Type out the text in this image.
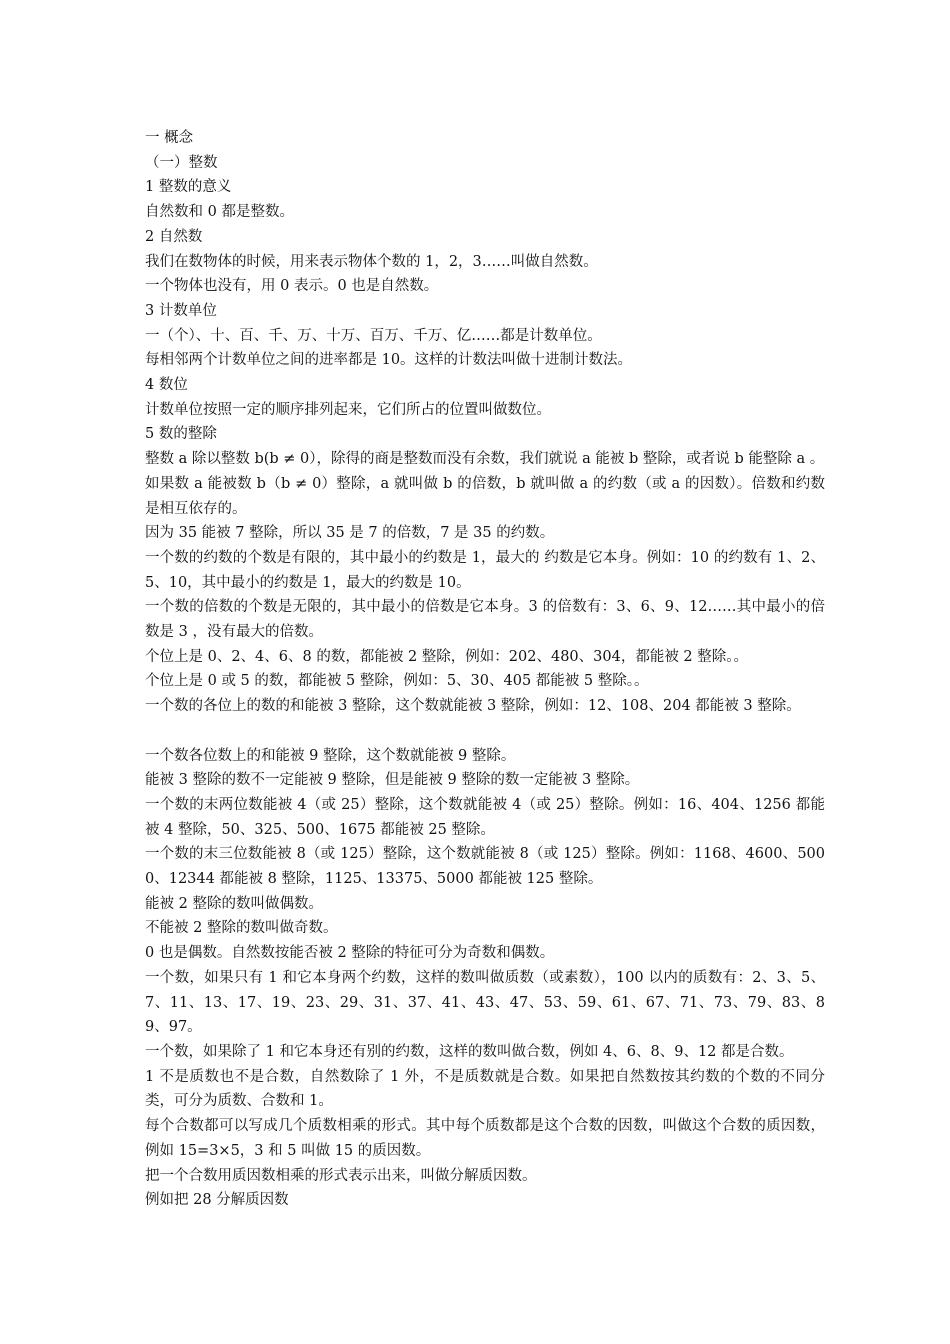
一 概念

（一）整数

1 整数的意义

自然数和 0 都是整数。

2 自然数

我们在数物体的时候，用来表示物体个数的 1，2，3……叫做自然数。

一个物体也没有，用 0 表示。0 也是自然数。

3 计数单位

一（个）、十、百、千、万、十万、百万、千万、亿……都是计数单位。

每相邻两个计数单位之间的进率都是 10。这样的计数法叫做十进制计数法。

4 数位

计数单位按照一定的顺序排列起来，它们所占的位置叫做数位。

5 数的整除

整数 a 除以整数 b(b ≠ 0），除得的商是整数而没有余数，我们就说 a 能被 b 整除，或者说 b 能整除 a 。

如果数 a 能被数 b（b ≠ 0）整除，a 就叫做 b 的倍数，b 就叫做 a 的约数（或 a 的因数）。倍数和约数是相互依存的。

因为 35 能被 7 整除，所以 35 是 7 的倍数，7 是 35 的约数。

一个数的约数的个数是有限的，其中最小的约数是 1，最大的 约数是它本身。例如：10 的约数有 1、2、5、10，其中最小的约数是 1，最大的约数是 10。

一个数的倍数的个数是无限的，其中最小的倍数是它本身。3 的倍数有：3、6、9、12……其中最小的倍数是 3 ，没有最大的倍数。

个位上是 0、2、4、6、8 的数，都能被 2 整除，例如：202、480、304，都能被 2 整除。。

个位上是 0 或 5 的数，都能被 5 整除，例如：5、30、405 都能被 5 整除。。

一个数的各位上的数的和能被 3 整除，这个数就能被 3 整除，例如：12、108、204 都能被 3 整除。

一个数各位数上的和能被 9 整除，这个数就能被 9 整除。

能被 3 整除的数不一定能被 9 整除，但是能被 9 整除的数一定能被 3 整除。

一个数的末两位数能被 4（或 25）整除，这个数就能被 4（或 25）整除。例如：16、404、1256 都能被 4 整除，50、325、500、1675 都能被 25 整除。

一个数的末三位数能被 8（或 125）整除，这个数就能被 8（或 125）整除。例如：1168、4600、5000、12344 都能被 8 整除，1125、13375、5000 都能被 125 整除。

能被 2 整除的数叫做偶数。

不能被 2 整除的数叫做奇数。

0 也是偶数。自然数按能否被 2 整除的特征可分为奇数和偶数。

一个数，如果只有 1 和它本身两个约数，这样的数叫做质数（或素数），100 以内的质数有：2、3、5、7、11、13、17、19、23、29、31、37、41、43、47、53、59、61、67、71、73、79、83、89、97。

一个数，如果除了 1 和它本身还有别的约数，这样的数叫做合数，例如 4、6、8、9、12 都是合数。

1 不是质数也不是合数，自然数除了 1 外，不是质数就是合数。如果把自然数按其约数的个数的不同分类，可分为质数、合数和 1。

每个合数都可以写成几个质数相乘的形式。其中每个质数都是这个合数的因数，叫做这个合数的质因数，例如 15=3×5，3 和 5 叫做 15 的质因数。

把一个合数用质因数相乘的形式表示出来，叫做分解质因数。

例如把 28 分解质因数
